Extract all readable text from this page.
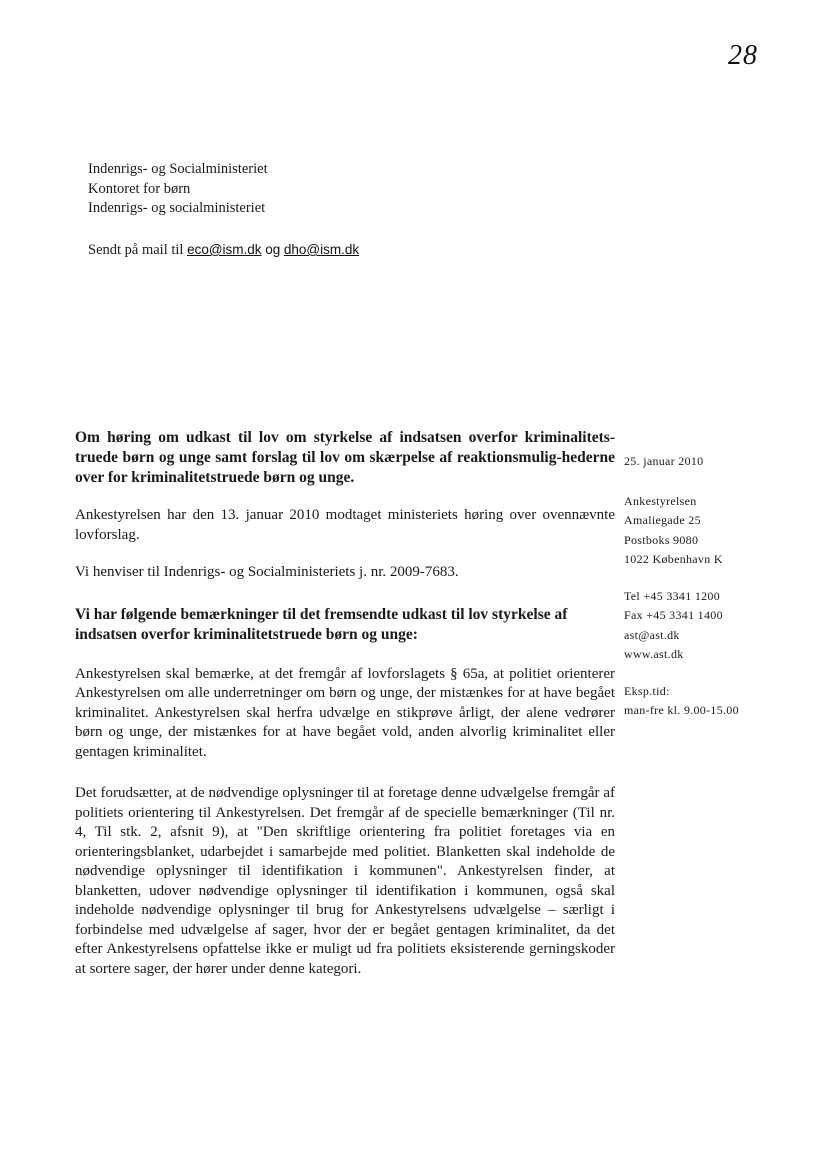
28
Indenrigs- og Socialministeriet
Kontoret for børn
Indenrigs- og socialministeriet
Sendt på mail til eco@ism.dk og dho@ism.dk

Om høring om udkast til lov om styrkelse af indsatsen overfor kriminalitets-truede børn og unge samt forslag til lov om skærpelse af reaktionsmulig-hederne over for kriminalitetstruede børn og unge.

Ankestyrelsen har den 13. januar 2010 modtaget ministeriets høring over ovennævnte lovforslag.

Vi henviser til Indenrigs- og Socialministeriets j. nr. 2009-7683.

Vi har følgende bemærkninger til det fremsendte udkast til lov styrkelse af indsatsen overfor kriminalitetstruede børn og unge:

Ankestyrelsen skal bemærke, at det fremgår af lovforslagets § 65a, at politiet orienterer Ankestyrelsen om alle underretninger om børn og unge, der mistænkes for at have begået kriminalitet. Ankestyrelsen skal herfra udvælge en stikprøve årligt, der alene vedrører børn og unge, der mistænkes for at have begået vold, anden alvorlig kriminalitet eller gentagen kriminalitet.

Det forudsætter, at de nødvendige oplysninger til at foretage denne udvælgelse fremgår af politiets orientering til Ankestyrelsen. Det fremgår af de specielle bemærkninger (Til nr. 4, Til stk. 2, afsnit 9), at "Den skriftlige orientering fra politiet foretages via en orienteringsblanket, udarbejdet i samarbejde med politiet. Blanketten skal indeholde de nødvendige oplysninger til identifikation i kommunen". Ankestyrelsen finder, at blanketten, udover nødvendige oplysninger til identifikation i kommunen, også skal indeholde nødvendige oplysninger til brug for Ankestyrelsens udvælgelse – særligt i forbindelse med udvælgelse af sager, hvor der er begået gentagen kriminalitet, da det efter Ankestyrelsens opfattelse ikke er muligt ud fra politiets eksisterende gerningskoder at sortere sager, der hører under denne kategori.

25. januar 2010
Ankestyrelsen
Amaliegade 25
Postboks 9080
1022 København K
Tel +45 3341 1200
Fax +45 3341 1400
ast@ast.dk
www.ast.dk
Eksp.tid:
man-fre kl. 9.00-15.00
